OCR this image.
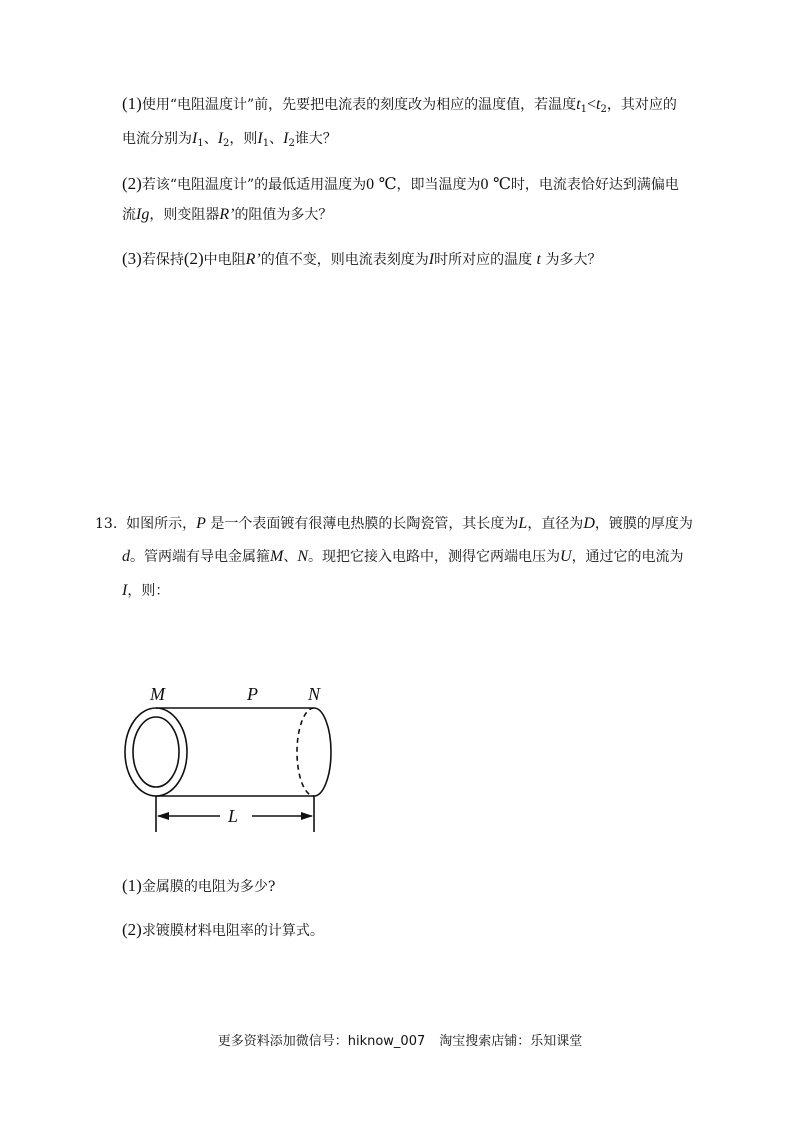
(1)使用“电阻温度计”前，先要把电流表的刻度改为相应的温度值，若温度$t_1<t_2$，其对应的
电流分别为$I_1$、$I_2$，则$I_1$、$I_2$谁大？
(2)若该“电阻温度计”的最低适用温度为0 ℃，即当温度为0 ℃时，电流表恰好达到满偏电
流Ig，则变阻器R’的阻值为多大？
(3)若保持(2)中电阻R’的值不变，则电流表刻度为I时所对应的温度 t 为多大？
13. 如图所示，P 是一个表面镀有很薄电热膜的长陶瓷管，其长度为L，直径为D，镀膜的厚度为
d。管两端有导电金属箍M、N。现把它接入电路中，测得它两端电压为U，通过它的电流为
I，则：
M	P	N
L
(1)金属膜的电阻为多少?
(2)求镀膜材料电阻率的计算式。
更多资料添加微信号：hiknow_007 淘宝搜索店铺：乐知课堂
